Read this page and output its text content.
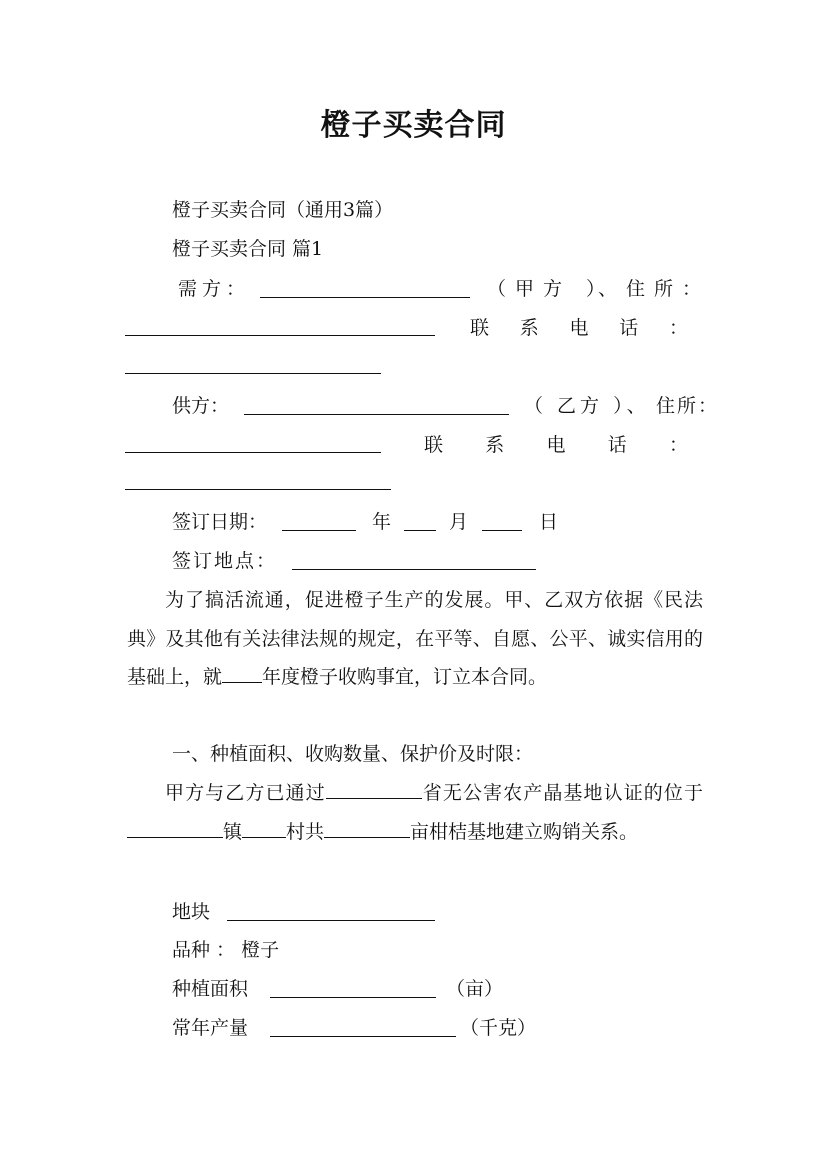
橙子买卖合同
橙子买卖合同（通用3篇）
橙子买卖合同 篇1
需方：	（甲方 ）
、住所：
联 系 电 话 ：
供方：	（ 乙方 ）、 住所：
联 系 电 话 ：
签订日期：	年	月	日
签订地点：
为了搞活流通，促进橙子生产的发展。甲、乙双方依据《民法典》及其他有关法律法规的规定，在平等、自愿、公平、诚实信用的基础上，就 年度橙子收购事宜，订立本合同。
一、种植面积、收购数量、保护价及时限：
甲方与乙方已通过	省无公害农产晶基地认证的位于镇 村共	亩柑桔基地建立购销关系。
地块
品种 ： 橙子
种植面积	（亩）
常年产量	（千克）
